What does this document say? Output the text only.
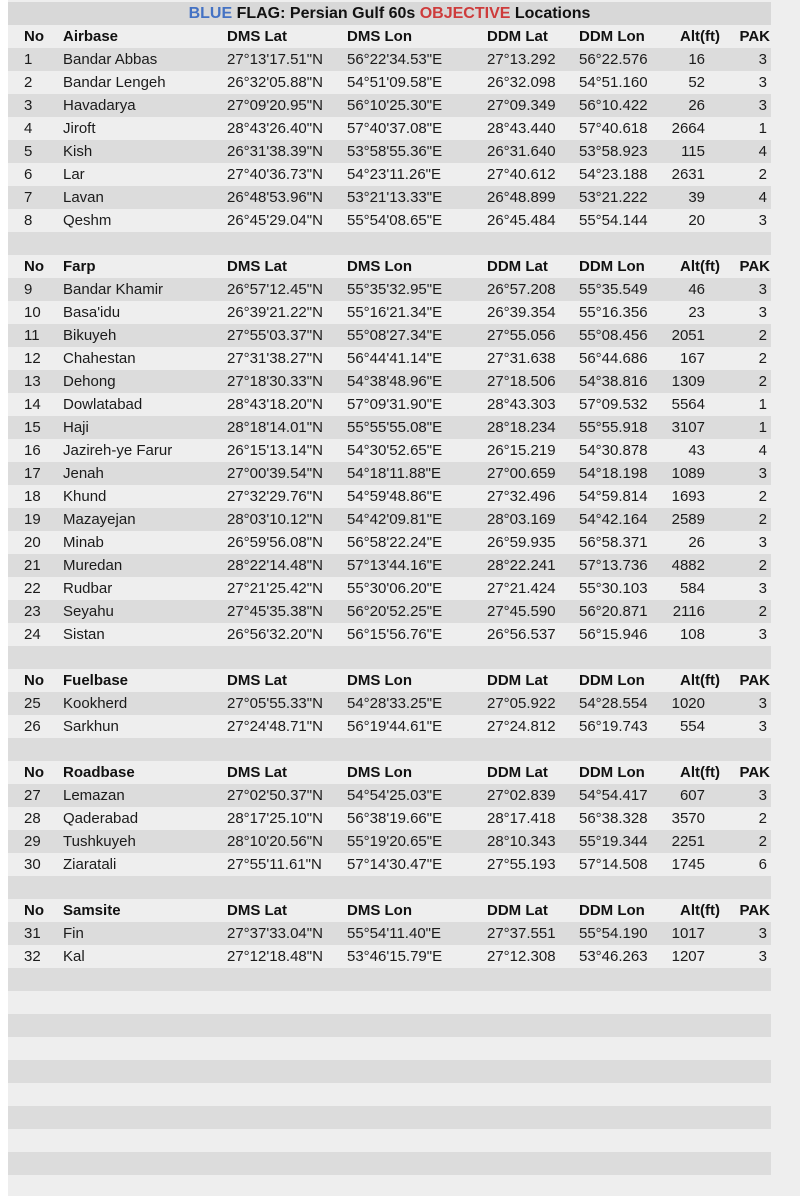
BLUE FLAG: Persian Gulf 60s OBJECTIVE Locations
No	Airbase	DMS Lat	DMS Lon	DDM Lat	DDM Lon	Alt(ft)	PAK
1	Bandar Abbas	27°13'17.51"N	56°22'34.53"E	27°13.292	56°22.576	16	3
2	Bandar Lengeh	26°32'05.88"N	54°51'09.58"E	26°32.098	54°51.160	52	3
3	Havadarya	27°09'20.95"N	56°10'25.30"E	27°09.349	56°10.422	26	3
4	Jiroft	28°43'26.40"N	57°40'37.08"E	28°43.440	57°40.618	2664	1
5	Kish	26°31'38.39"N	53°58'55.36"E	26°31.640	53°58.923	115	4
6	Lar	27°40'36.73"N	54°23'11.26"E	27°40.612	54°23.188	2631	2
7	Lavan	26°48'53.96"N	53°21'13.33"E	26°48.899	53°21.222	39	4
8	Qeshm	26°45'29.04"N	55°54'08.65"E	26°45.484	55°54.144	20	3
No	Farp	DMS Lat	DMS Lon	DDM Lat	DDM Lon	Alt(ft)	PAK
9	Bandar Khamir	26°57'12.45"N	55°35'32.95"E	26°57.208	55°35.549	46	3
10	Basa'idu	26°39'21.22"N	55°16'21.34"E	26°39.354	55°16.356	23	3
11	Bikuyeh	27°55'03.37"N	55°08'27.34"E	27°55.056	55°08.456	2051	2
12	Chahestan	27°31'38.27"N	56°44'41.14"E	27°31.638	56°44.686	167	2
13	Dehong	27°18'30.33"N	54°38'48.96"E	27°18.506	54°38.816	1309	2
14	Dowlatabad	28°43'18.20"N	57°09'31.90"E	28°43.303	57°09.532	5564	1
15	Haji	28°18'14.01"N	55°55'55.08"E	28°18.234	55°55.918	3107	1
16	Jazireh-ye Farur	26°15'13.14"N	54°30'52.65"E	26°15.219	54°30.878	43	4
17	Jenah	27°00'39.54"N	54°18'11.88"E	27°00.659	54°18.198	1089	3
18	Khund	27°32'29.76"N	54°59'48.86"E	27°32.496	54°59.814	1693	2
19	Mazayejan	28°03'10.12"N	54°42'09.81"E	28°03.169	54°42.164	2589	2
20	Minab	26°59'56.08"N	56°58'22.24"E	26°59.935	56°58.371	26	3
21	Muredan	28°22'14.48"N	57°13'44.16"E	28°22.241	57°13.736	4882	2
22	Rudbar	27°21'25.42"N	55°30'06.20"E	27°21.424	55°30.103	584	3
23	Seyahu	27°45'35.38"N	56°20'52.25"E	27°45.590	56°20.871	2116	2
24	Sistan	26°56'32.20"N	56°15'56.76"E	26°56.537	56°15.946	108	3
No	Fuelbase	DMS Lat	DMS Lon	DDM Lat	DDM Lon	Alt(ft)	PAK
25	Kookherd	27°05'55.33"N	54°28'33.25"E	27°05.922	54°28.554	1020	3
26	Sarkhun	27°24'48.71"N	56°19'44.61"E	27°24.812	56°19.743	554	3
No	Roadbase	DMS Lat	DMS Lon	DDM Lat	DDM Lon	Alt(ft)	PAK
27	Lemazan	27°02'50.37"N	54°54'25.03"E	27°02.839	54°54.417	607	3
28	Qaderabad	28°17'25.10"N	56°38'19.66"E	28°17.418	56°38.328	3570	2
29	Tushkuyeh	28°10'20.56"N	55°19'20.65"E	28°10.343	55°19.344	2251	2
30	Ziaratali	27°55'11.61"N	57°14'30.47"E	27°55.193	57°14.508	1745	6
No	Samsite	DMS Lat	DMS Lon	DDM Lat	DDM Lon	Alt(ft)	PAK
31	Fin	27°37'33.04"N	55°54'11.40"E	27°37.551	55°54.190	1017	3
32	Kal	27°12'18.48"N	53°46'15.79"E	27°12.308	53°46.263	1207	3
